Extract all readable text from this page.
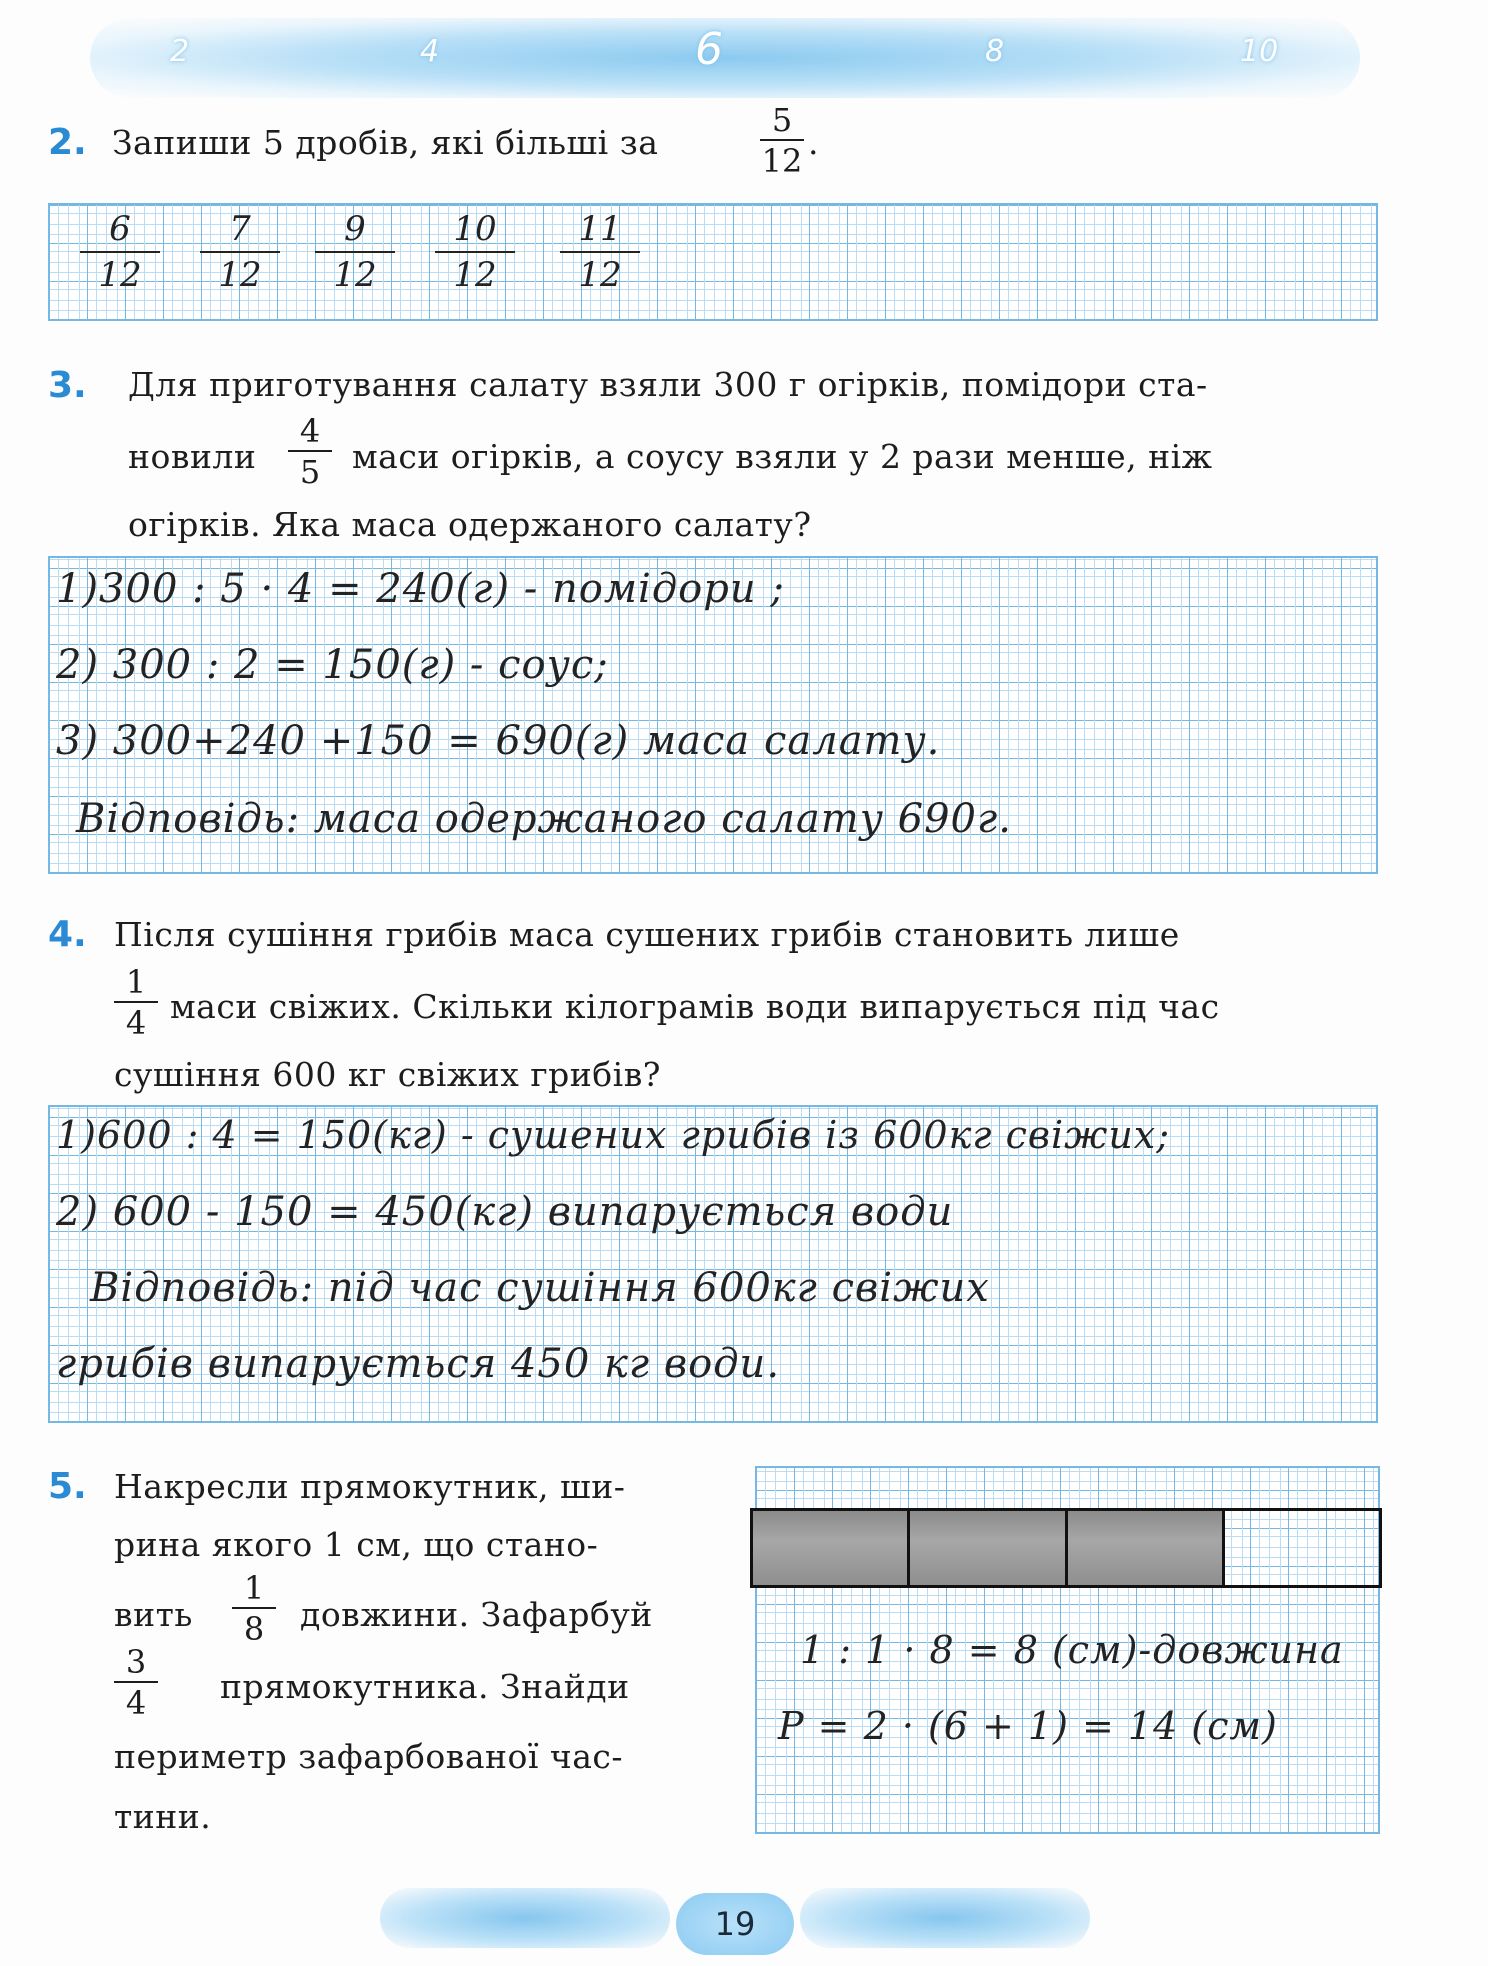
2	4	6	8	10
2. Запиши 5 дробів, які більші за
5
12 .
6
12
7
12
9
12
10
12
11
12
3. Для приготування салату взяли 300 г огірків, помідори ста-
новили
4
5 маси огірків, а соусу взяли у 2 рази менше, ніж
огірків. Яка маса одержаного салату?
1)300 : 5 · 4 = 240(г) - помідори ;
2) 300 : 2 = 150(г) - соус;
3) 300+240 +150 = 690(г) маса салату.
Відповідь: маса одержаного салату 690г.
4. Після сушіння грибів маса сушених грибів становить лише
1
4 маси свіжих. Скільки кілограмів води випарується під час
сушіння 600 кг свіжих грибів?
1)600 : 4 = 150(кг) - сушених грибів із 600кг свіжих;
2) 600 - 150 = 450(кг) випарується води
Відповідь: під час сушіння 600кг свіжих
грибів випарується 450 кг води.
5. Накресли прямокутник, ши-
рина якого 1 см, що стано-
вить
1
8	довжини. Зафарбуй
3
4	прямокутника. Знайди
периметр зафарбованої час-
тини.
1 : 1 · 8 = 8 (см)-довжина
P = 2 · (6 + 1) = 14 (см)
19
